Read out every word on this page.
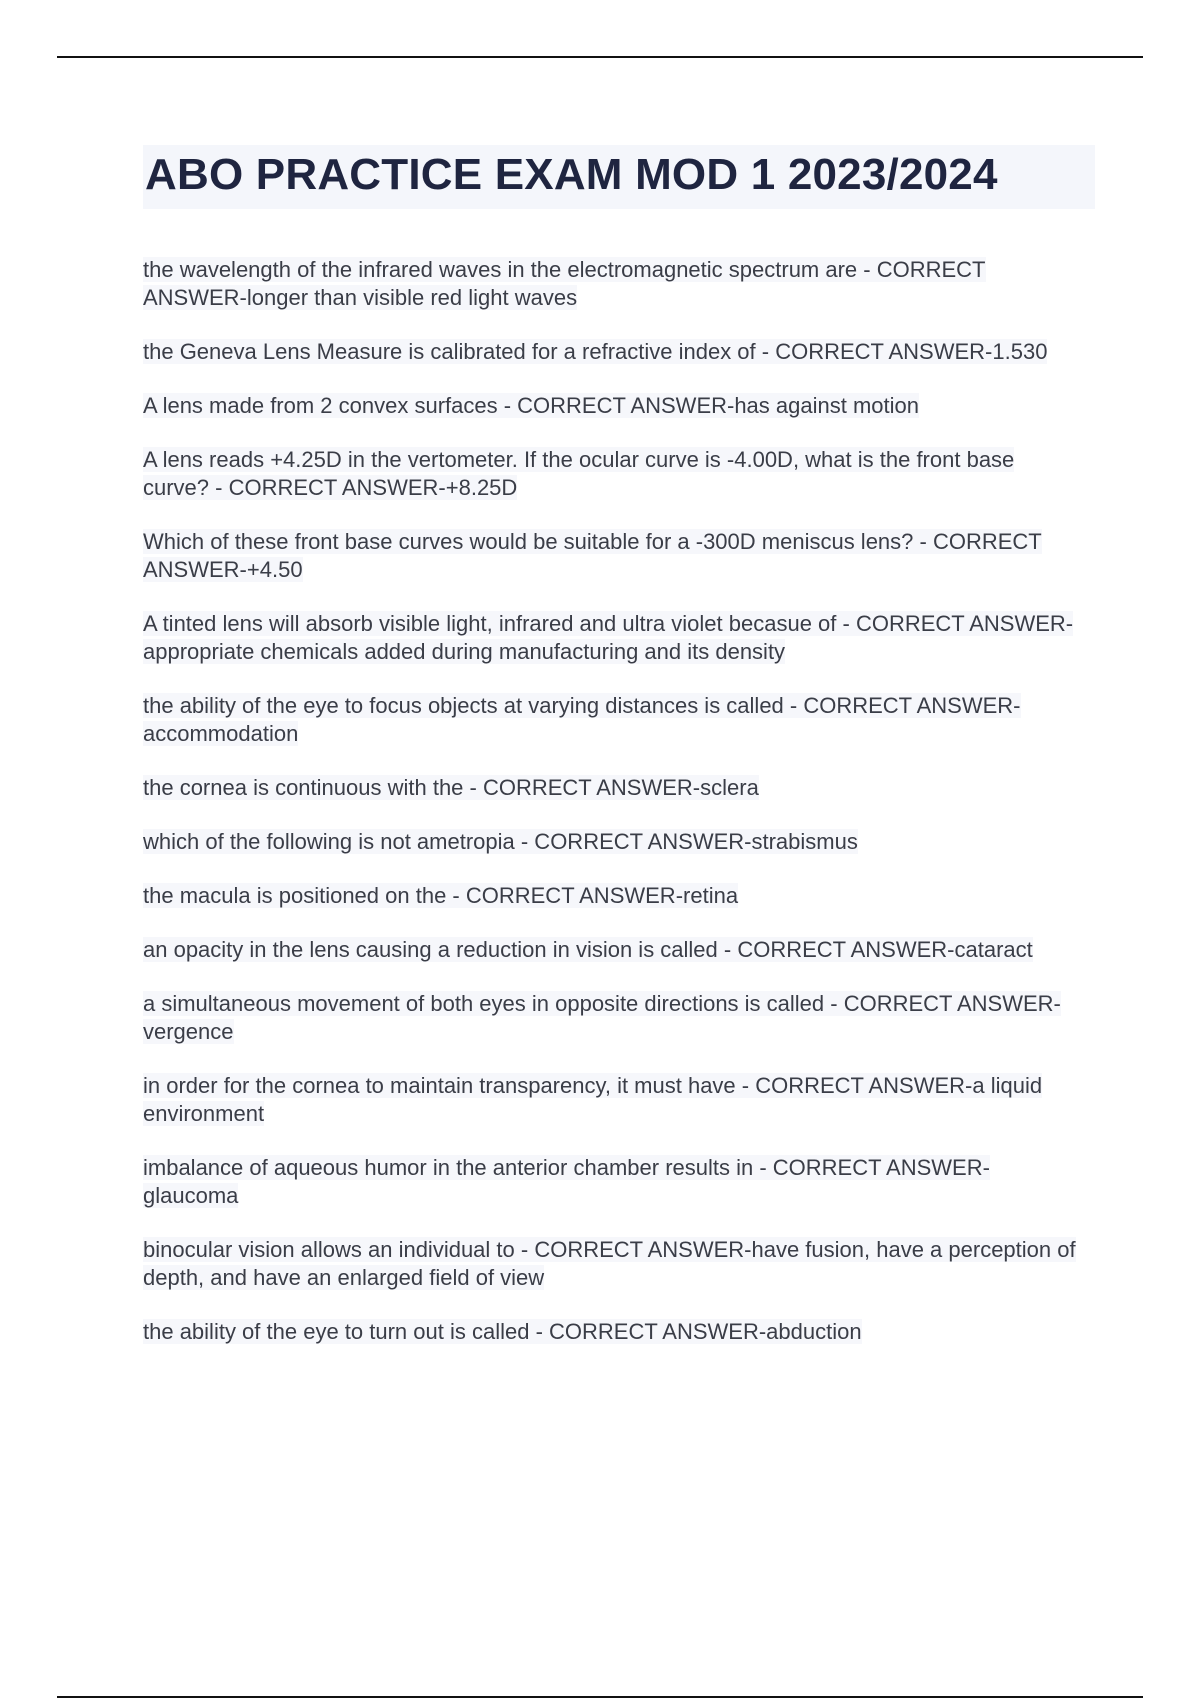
ABO PRACTICE EXAM MOD 1 2023/2024
the wavelength of the infrared waves in the electromagnetic spectrum are - CORRECT ANSWER-longer than visible red light waves
the Geneva Lens Measure is calibrated for a refractive index of - CORRECT ANSWER-1.530
A lens made from 2 convex surfaces - CORRECT ANSWER-has against motion
A lens reads +4.25D in the vertometer. If the ocular curve is -4.00D, what is the front base curve? - CORRECT ANSWER-+8.25D
Which of these front base curves would be suitable for a -300D meniscus lens? - CORRECT ANSWER-+4.50
A tinted lens will absorb visible light, infrared and ultra violet becasue of - CORRECT ANSWER-appropriate chemicals added during manufacturing and its density
the ability of the eye to focus objects at varying distances is called - CORRECT ANSWER-accommodation
the cornea is continuous with the - CORRECT ANSWER-sclera
which of the following is not ametropia - CORRECT ANSWER-strabismus
the macula is positioned on the - CORRECT ANSWER-retina
an opacity in the lens causing a reduction in vision is called - CORRECT ANSWER-cataract
a simultaneous movement of both eyes in opposite directions is called - CORRECT ANSWER-vergence
in order for the cornea to maintain transparency, it must have - CORRECT ANSWER-a liquid environment
imbalance of aqueous humor in the anterior chamber results in - CORRECT ANSWER-glaucoma
binocular vision allows an individual to - CORRECT ANSWER-have fusion, have a perception of depth, and have an enlarged field of view
the ability of the eye to turn out is called - CORRECT ANSWER-abduction
